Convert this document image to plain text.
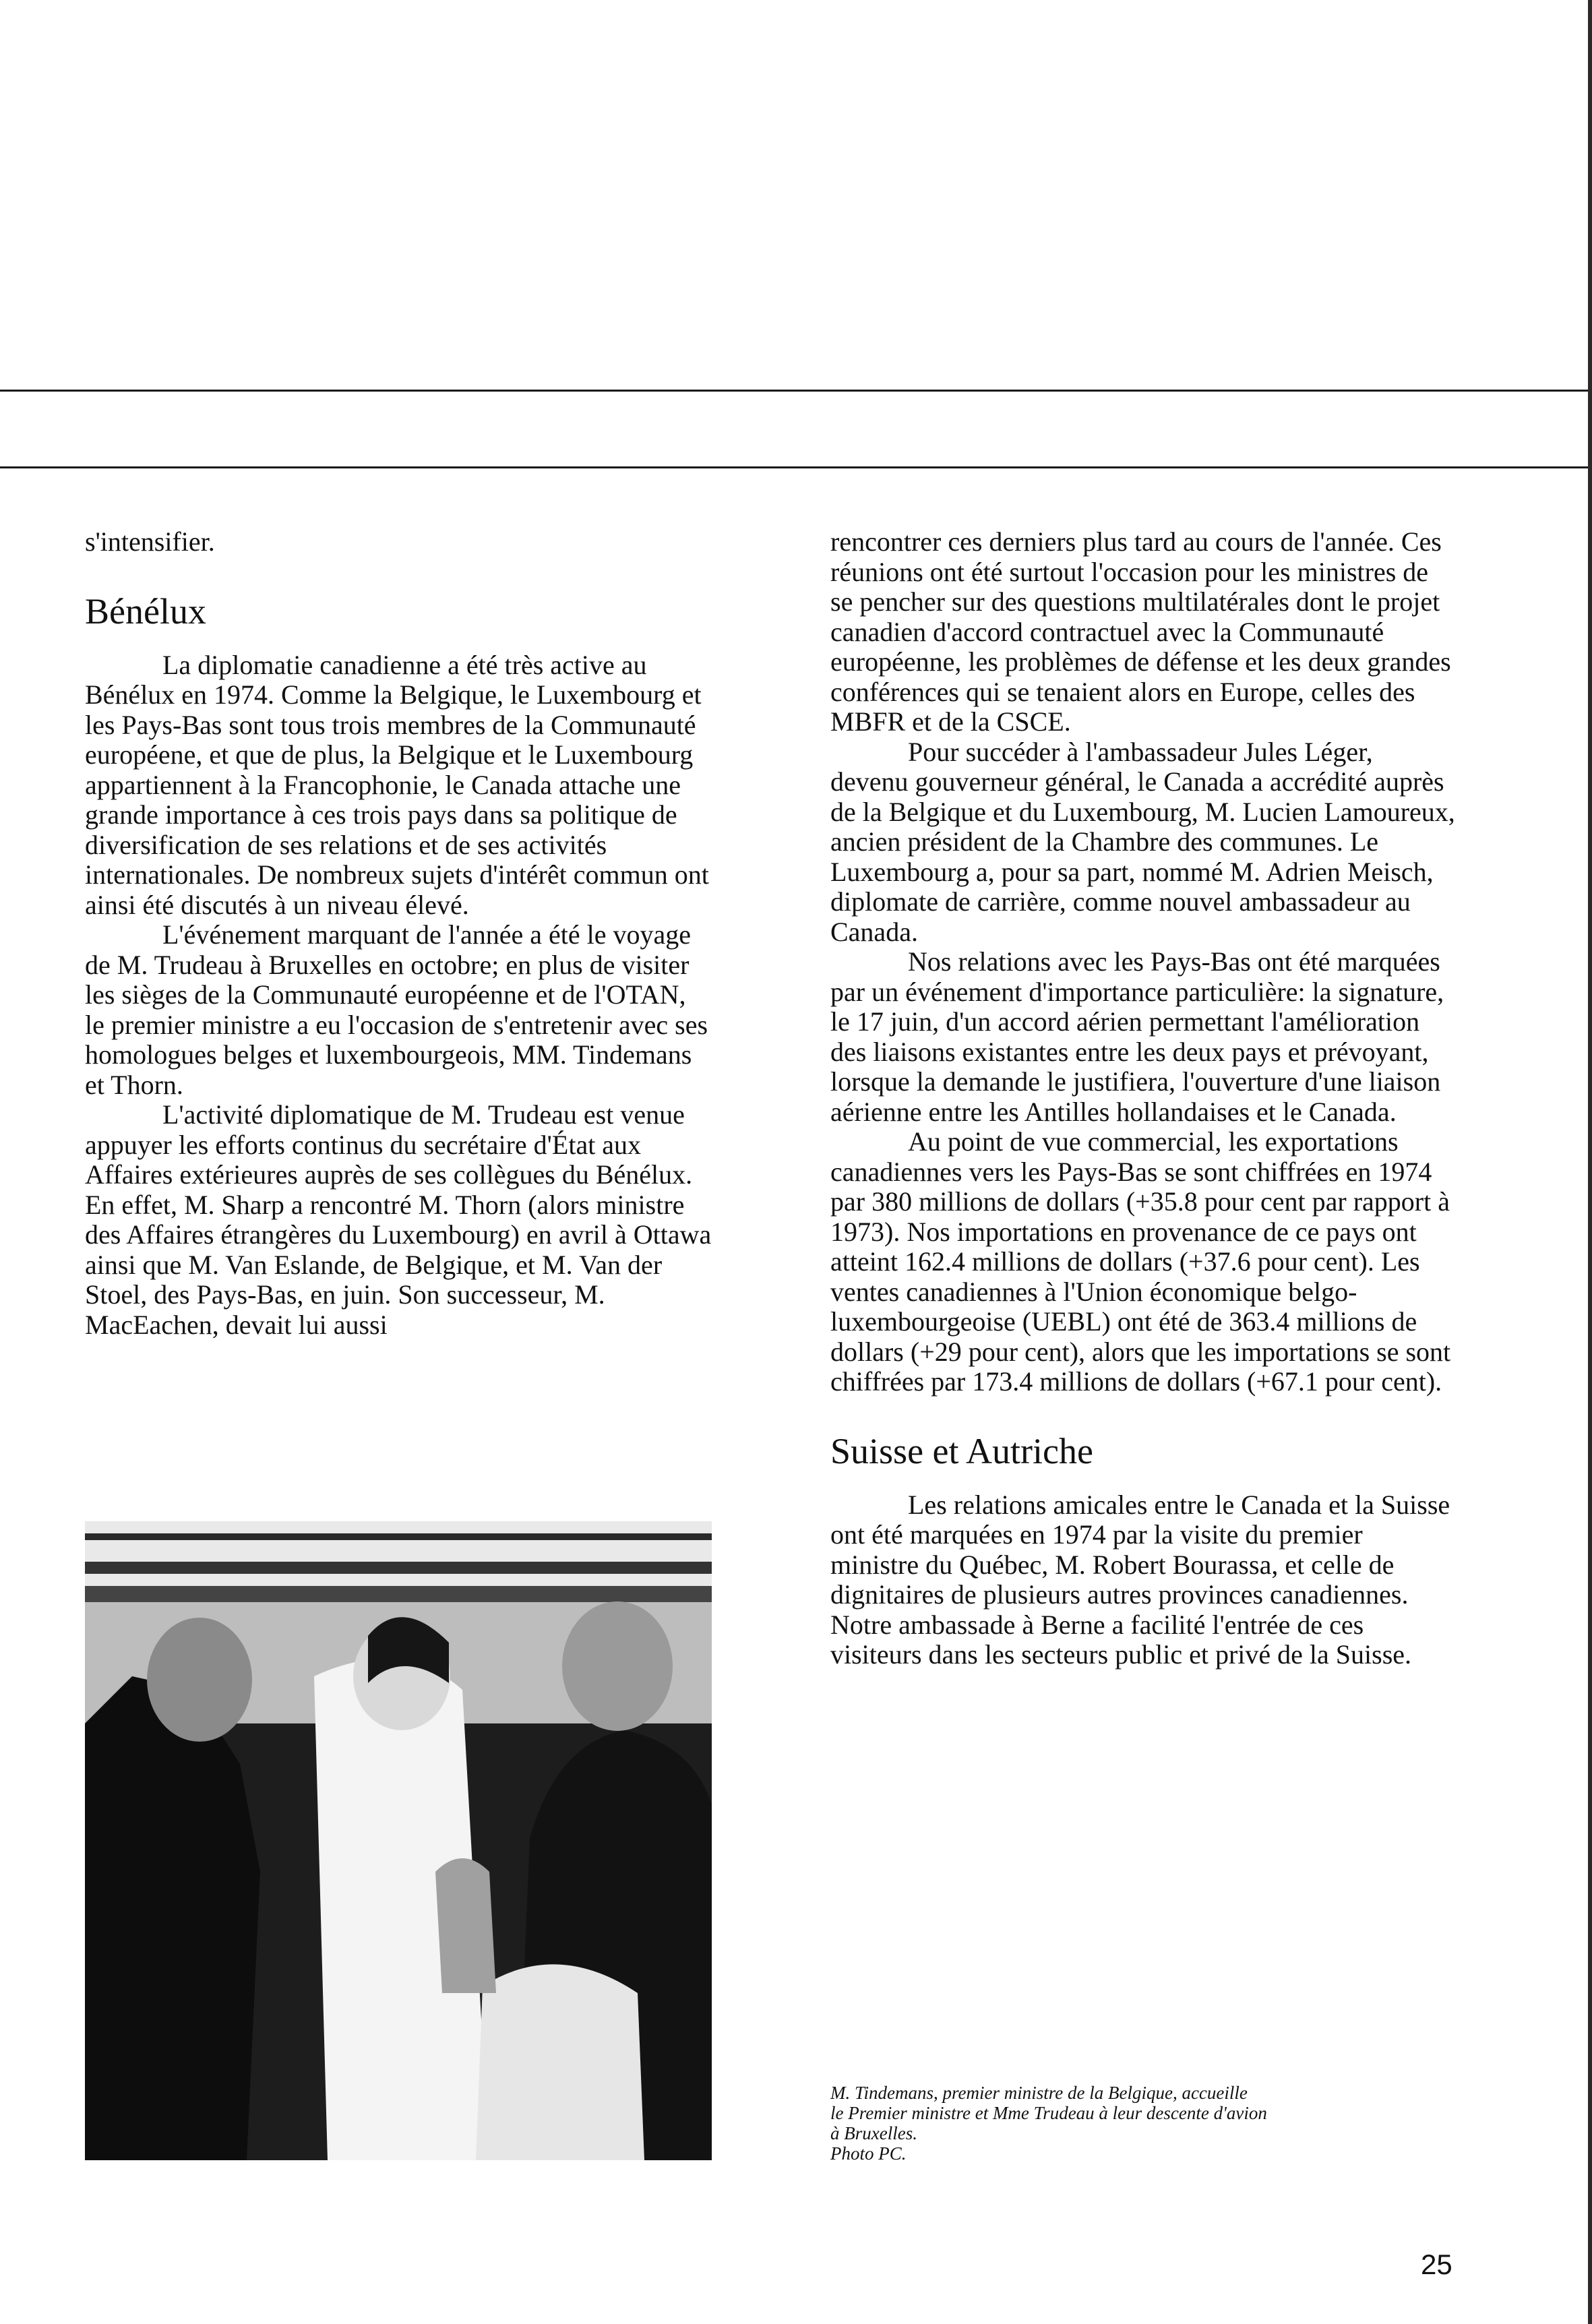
s'intensifier.

Bénélux

La diplomatie canadienne a été très active au Bénélux en 1974. Comme la Belgique, le Luxembourg et les Pays-Bas sont tous trois membres de la Communauté européene, et que de plus, la Belgique et le Luxembourg appartiennent à la Francophonie, le Canada attache une grande importance à ces trois pays dans sa politique de diversification de ses relations et de ses activités internationales. De nombreux sujets d'intérêt commun ont ainsi été discutés à un niveau élevé.

L'événement marquant de l'année a été le voyage de M. Trudeau à Bruxelles en octobre; en plus de visiter les sièges de la Communauté européenne et de l'OTAN, le premier ministre a eu l'occasion de s'entretenir avec ses homologues belges et luxembourgeois, MM. Tindemans et Thorn.

L'activité diplomatique de M. Trudeau est venue appuyer les efforts continus du secrétaire d'État aux Affaires extérieures auprès de ses collègues du Bénélux. En effet, M. Sharp a rencontré M. Thorn (alors ministre des Affaires étrangères du Luxembourg) en avril à Ottawa ainsi que M. Van Eslande, de Belgique, et M. Van der Stoel, des Pays-Bas, en juin. Son successeur, M. MacEachen, devait lui aussi

rencontrer ces derniers plus tard au cours de l'année. Ces réunions ont été surtout l'occasion pour les ministres de se pencher sur des questions multilatérales dont le projet canadien d'accord contractuel avec la Communauté européenne, les problèmes de défense et les deux grandes conférences qui se tenaient alors en Europe, celles des MBFR et de la CSCE.

Pour succéder à l'ambassadeur Jules Léger, devenu gouverneur général, le Canada a accrédité auprès de la Belgique et du Luxembourg, M. Lucien Lamoureux, ancien président de la Chambre des communes. Le Luxembourg a, pour sa part, nommé M. Adrien Meisch, diplomate de carrière, comme nouvel ambassadeur au Canada.

Nos relations avec les Pays-Bas ont été marquées par un événement d'importance particulière: la signature, le 17 juin, d'un accord aérien permettant l'amélioration des liaisons existantes entre les deux pays et prévoyant, lorsque la demande le justifiera, l'ouverture d'une liaison aérienne entre les Antilles hollandaises et le Canada.

Au point de vue commercial, les exportations canadiennes vers les Pays-Bas se sont chiffrées en 1974 par 380 millions de dollars (+35.8 pour cent par rapport à 1973). Nos importations en provenance de ce pays ont atteint 162.4 millions de dollars (+37.6 pour cent). Les ventes canadiennes à l'Union économique belgo-luxembourgeoise (UEBL) ont été de 363.4 millions de dollars (+29 pour cent), alors que les importations se sont chiffrées par 173.4 millions de dollars (+67.1 pour cent).

Suisse et Autriche

Les relations amicales entre le Canada et la Suisse ont été marquées en 1974 par la visite du premier ministre du Québec, M. Robert Bourassa, et celle de dignitaires de plusieurs autres provinces canadiennes. Notre ambassade à Berne a facilité l'entrée de ces visiteurs dans les secteurs public et privé de la Suisse.

M. Tindemans, premier ministre de la Belgique, accueille
le Premier ministre et Mme Trudeau à leur descente d'avion
à Bruxelles.
Photo PC.
25
